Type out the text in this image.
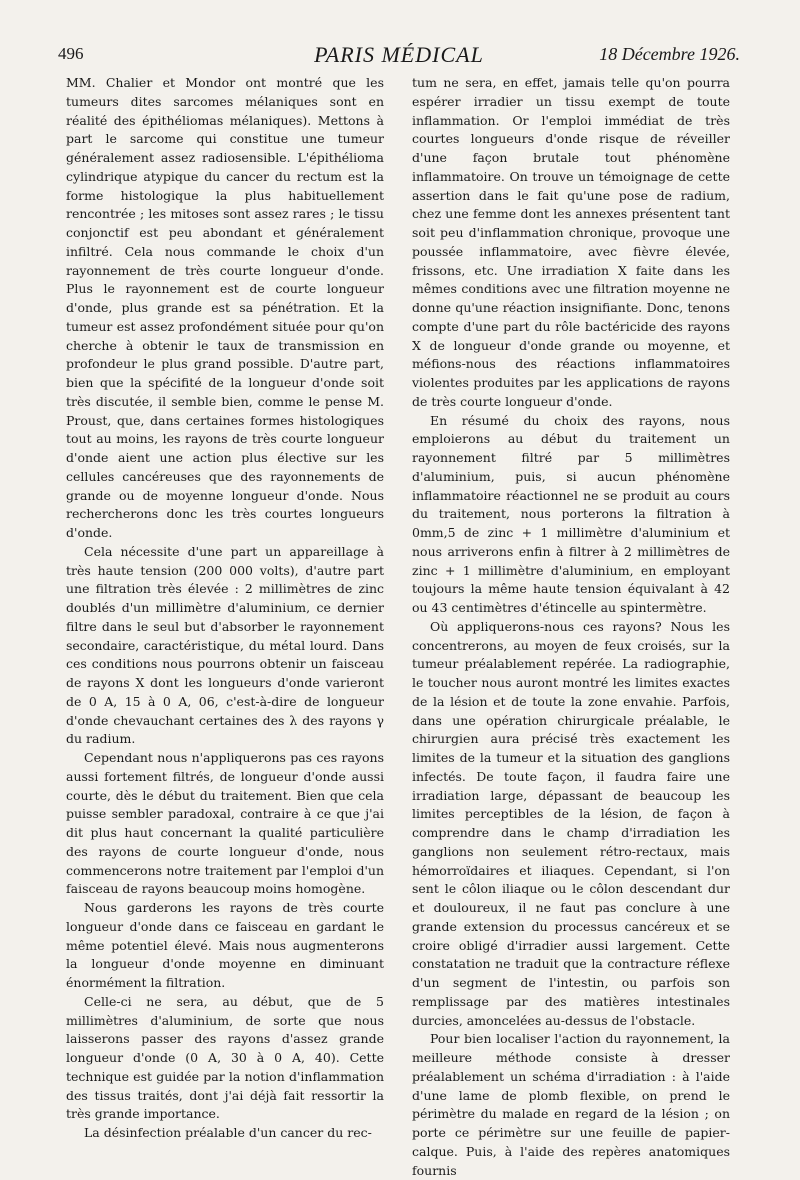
496	PARIS MÉDICAL	18 Décembre 1926.

MM. Chalier et Mondor ont montré que les tumeurs dites sarcomes mélaniques sont en réalité des épithéliomas mélaniques). Mettons à part le sarcome qui constitue une tumeur généralement assez radiosensible. L'épithélioma cylindrique atypique du cancer du rectum est la forme histologique la plus habituellement rencontrée ; les mitoses sont assez rares ; le tissu conjonctif est peu abondant et généralement infiltré. Cela nous commande le choix d'un rayonnement de très courte longueur d'onde. Plus le rayonnement est de courte longueur d'onde, plus grande est sa pénétration. Et la tumeur est assez profondément située pour qu'on cherche à obtenir le taux de transmission en profondeur le plus grand possible. D'autre part, bien que la spécifité de la longueur d'onde soit très discutée, il semble bien, comme le pense M. Proust, que, dans certaines formes histologiques tout au moins, les rayons de très courte longueur d'onde aient une action plus élective sur les cellules cancéreuses que des rayonnements de grande ou de moyenne longueur d'onde. Nous rechercherons donc les très courtes longueurs d'onde.

Cela nécessite d'une part un appareillage à très haute tension (200 000 volts), d'autre part une filtration très élevée : 2 millimètres de zinc doublés d'un millimètre d'aluminium, ce dernier filtre dans le seul but d'absorber le rayonnement secondaire, caractéristique, du métal lourd. Dans ces conditions nous pourrons obtenir un faisceau de rayons X dont les longueurs d'onde varieront de 0 A, 15 à 0 A, 06, c'est-à-dire de longueur d'onde chevauchant certaines des λ des rayons γ du radium.

Cependant nous n'appliquerons pas ces rayons aussi fortement filtrés, de longueur d'onde aussi courte, dès le début du traitement. Bien que cela puisse sembler paradoxal, contraire à ce que j'ai dit plus haut concernant la qualité particulière des rayons de courte longueur d'onde, nous commencerons notre traitement par l'emploi d'un faisceau de rayons beaucoup moins homogène.

Nous garderons les rayons de très courte longueur d'onde dans ce faisceau en gardant le même potentiel élevé. Mais nous augmenterons la longueur d'onde moyenne en diminuant énormément la filtration.

Celle-ci ne sera, au début, que de 5 millimètres d'aluminium, de sorte que nous laisserons passer des rayons d'assez grande longueur d'onde (0 A, 30 à 0 A, 40). Cette technique est guidée par la notion d'inflammation des tissus traités, dont j'ai déjà fait ressortir la très grande importance.

La désinfection préalable d'un cancer du rec-

tum ne sera, en effet, jamais telle qu'on pourra espérer irradier un tissu exempt de toute inflammation. Or l'emploi immédiat de très courtes longueurs d'onde risque de réveiller d'une façon brutale tout phénomène inflammatoire. On trouve un témoignage de cette assertion dans le fait qu'une pose de radium, chez une femme dont les annexes présentent tant soit peu d'inflammation chronique, provoque une poussée inflammatoire, avec fièvre élevée, frissons, etc. Une irradiation X faite dans les mêmes conditions avec une filtration moyenne ne donne qu'une réaction insignifiante. Donc, tenons compte d'une part du rôle bactéricide des rayons X de longueur d'onde grande ou moyenne, et méfions-nous des réactions inflammatoires violentes produites par les applications de rayons de très courte longueur d'onde.

En résumé du choix des rayons, nous emploierons au début du traitement un rayonnement filtré par 5 millimètres d'aluminium, puis, si aucun phénomène inflammatoire réactionnel ne se produit au cours du traitement, nous porterons la filtration à 0mm,5 de zinc + 1 millimètre d'aluminium et nous arriverons enfin à filtrer à 2 millimètres de zinc + 1 millimètre d'aluminium, en employant toujours la même haute tension équivalant à 42 ou 43 centimètres d'étincelle au spintermètre.

Où appliquerons-nous ces rayons? Nous les concentrerons, au moyen de feux croisés, sur la tumeur préalablement repérée. La radiographie, le toucher nous auront montré les limites exactes de la lésion et de toute la zone envahie. Parfois, dans une opération chirurgicale préalable, le chirurgien aura précisé très exactement les limites de la tumeur et la situation des ganglions infectés. De toute façon, il faudra faire une irradiation large, dépassant de beaucoup les limites perceptibles de la lésion, de façon à comprendre dans le champ d'irradiation les ganglions non seulement rétro-rectaux, mais hémorroïdaires et iliaques. Cependant, si l'on sent le côlon iliaque ou le côlon descendant dur et douloureux, il ne faut pas conclure à une grande extension du processus cancéreux et se croire obligé d'irradier aussi largement. Cette constatation ne traduit que la contracture réflexe d'un segment de l'intestin, ou parfois son remplissage par des matières intestinales durcies, amoncelées au-dessus de l'obstacle.

Pour bien localiser l'action du rayonnement, la meilleure méthode consiste à dresser préalablement un schéma d'irradiation : à l'aide d'une lame de plomb flexible, on prend le périmètre du malade en regard de la lésion ; on porte ce périmètre sur une feuille de papier-calque. Puis, à l'aide des repères anatomiques fournis
